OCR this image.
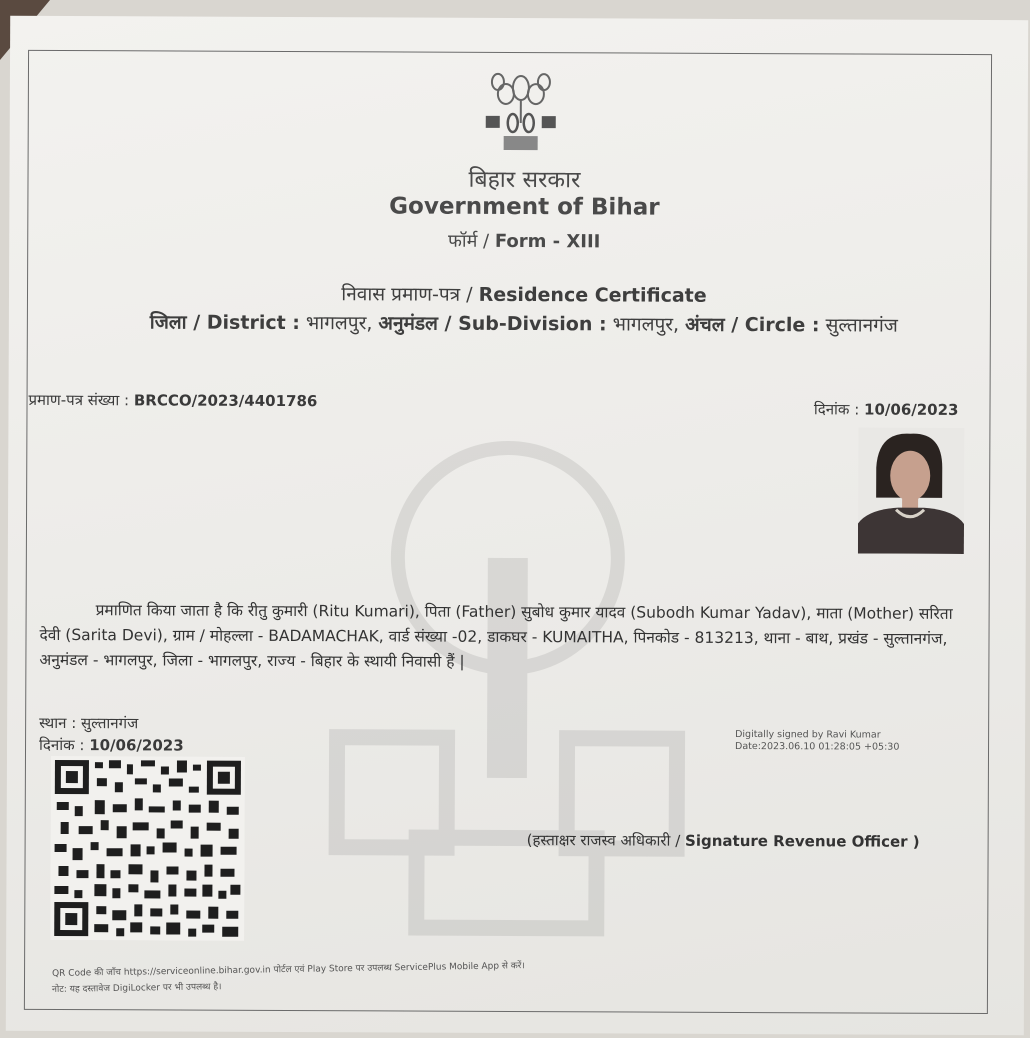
बिहार सरकार
Government of Bihar
फॉर्म / Form - XIII
निवास प्रमाण-पत्र / Residence Certificate
जिला / District : भागलपुर, अनुमंडल / Sub-Division : भागलपुर, अंचल / Circle : सुल्तानगंज
प्रमाण-पत्र संख्या : BRCCO/2023/4401786	दिनांक : 10/06/2023
प्रमाणित किया जाता है कि रीतु कुमारी (Ritu Kumari), पिता (Father) सुबोध कुमार यादव (Subodh Kumar Yadav), माता (Mother) सरिता देवी (Sarita Devi), ग्राम / मोहल्ला - BADAMACHAK, वार्ड संख्या -02, डाकघर - KUMAITHA, पिनकोड - 813213, थाना - बाथ, प्रखंड - सुल्तानगंज, अनुमंडल - भागलपुर, जिला - भागलपुर, राज्य - बिहार के स्थायी निवासी हैं |
स्थान : सुल्तानगंज
दिनांक : 10/06/2023
Digitally signed by Ravi Kumar
Date:2023.06.10 01:28:05 +05:30
(हस्ताक्षर राजस्व अधिकारी / Signature Revenue Officer )
QR Code की जाँच https://serviceonline.bihar.gov.in पोर्टल एवं Play Store पर उपलब्ध ServicePlus Mobile App से करें।
नोट: यह दस्तावेज DigiLocker पर भी उपलब्ध है।
